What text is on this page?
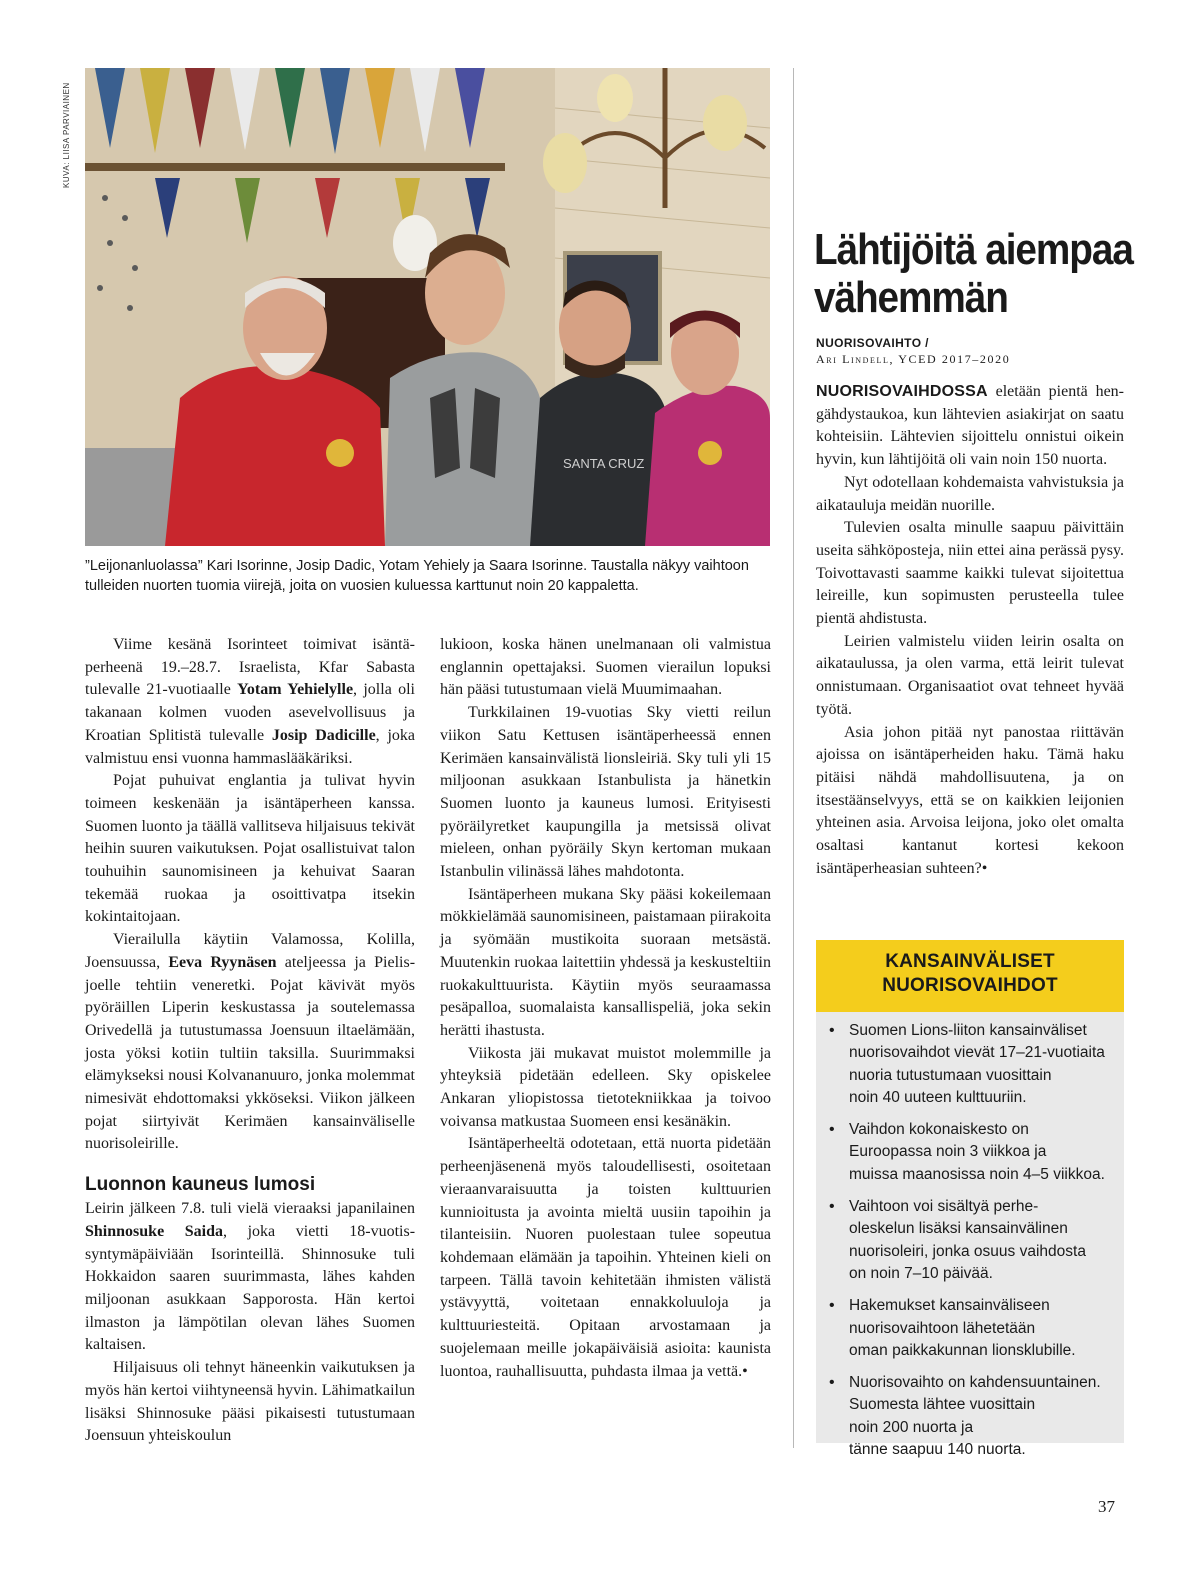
KUVA: LIISA PARVIAINEN
SANTA CRUZ
”Leijonanluolassa” Kari Isorinne, Josip Dadic, Yotam Yehiely ja Saara Isorinne. Taustalla näkyy vaihtoon tulleiden nuorten tuomia viirejä, joita on vuosien kuluessa karttunut noin 20 kappaletta.

Viime kesänä Isorinteet toimivat isäntäperheenä 19.–28.7. Israelista, Kfar Sabasta tulevalle 21-vuotiaalle Yotam Yehielylle, jolla oli takanaan kolmen vuoden asevelvollisuus ja Kroatian Splitistä tulevalle Josip Dadicille, joka valmistuu ensi vuonna hammaslääkäriksi.

Pojat puhuivat englantia ja tulivat hyvin toimeen keskenään ja isäntäperheen kanssa. Suomen luonto ja täällä vallitseva hiljaisuus tekivät heihin suuren vaikutuksen. Pojat osallistuivat talon touhuihin saunomisineen ja kehuivat Saaran tekemää ruokaa ja osoittivatpa itsekin kokintaitojaan.

Vierailulla käytiin Valamossa, Kolilla, Joensuussa, Eeva Ryynäsen ateljeessa ja Pielisjoelle tehtiin veneretki. Pojat kävivät myös pyöräillen Liperin keskustassa ja soutelemassa Orivedellä ja tutustumassa Joensuun iltaelämään, josta yöksi kotiin tultiin taksilla. Suurimmaksi elämykseksi nousi Kolvananuuro, jonka molemmat nimesivät ehdottomaksi ykköseksi. Viikon jälkeen pojat siirtyivät Kerimäen kansainväliselle nuorisoleirille.

Luonnon kauneus lumosi

Leirin jälkeen 7.8. tuli vielä vieraaksi japanilainen Shinnosuke Saida, joka vietti 18-vuotissyntymäpäiviään Isorinteillä. Shinnosuke tuli Hokkaidon saaren suurimmasta, lähes kahden miljoonan asukkaan Sapporosta. Hän kertoi ilmaston ja lämpötilan olevan lähes Suomen kaltaisen.

Hiljaisuus oli tehnyt häneenkin vaikutuksen ja myös hän kertoi viihtyneensä hyvin. Lähimatkailun lisäksi Shinnosuke pääsi pikaisesti tutustumaan Joensuun yhteiskoulun

lukioon, koska hänen unelmanaan oli valmistua englannin opettajaksi. Suomen vierailun lopuksi hän pääsi tutustumaan vielä Muumimaahan.

Turkkilainen 19-vuotias Sky vietti reilun viikon Satu Kettusen isäntäperheessä ennen Kerimäen kansainvälistä lionsleiriä. Sky tuli yli 15 miljoonan asukkaan Istanbulista ja hänetkin Suomen luonto ja kauneus lumosi. Erityisesti pyöräilyretket kaupungilla ja metsissä olivat mieleen, onhan pyöräily Skyn kertoman mukaan Istanbulin vilinässä lähes mahdotonta.

Isäntäperheen mukana Sky pääsi kokeilemaan mökkielämää saunomisineen, paistamaan piirakoita ja syömään mustikoita suoraan metsästä. Muutenkin ruokaa laitettiin yhdessä ja keskusteltiin ruokakulttuurista. Käytiin myös seuraamassa pesäpalloa, suomalaista kansallispeliä, joka sekin herätti ihastusta.

Viikosta jäi mukavat muistot molemmille ja yhteyksiä pidetään edelleen. Sky opiskelee Ankaran yliopistossa tietotekniikkaa ja toivoo voivansa matkustaa Suomeen ensi kesänäkin.

Isäntäperheeltä odotetaan, että nuorta pidetään perheenjäsenenä myös taloudellisesti, osoitetaan vieraanvaraisuutta ja toisten kulttuurien kunnioitusta ja avointa mieltä uusiin tapoihin ja tilanteisiin. Nuoren puolestaan tulee sopeutua kohdemaan elämään ja tapoihin. Yhteinen kieli on tarpeen. Tällä tavoin kehitetään ihmisten välistä ystävyyttä, voitetaan ennakkoluuloja ja kulttuuriesteitä. Opitaan arvostamaan ja suojelemaan meille jokapäiväisiä asioita: kaunista luontoa, rauhallisuutta, puhdasta ilmaa ja vettä.•

Lähtijöitä aiempaa
vähemmän
NUORISOVAIHTO /
Ari Lindell, YCED 2017–2020

NUORISOVAIHDOSSA eletään pientä hengähdystaukoa, kun lähtevien asiakirjat on saatu kohteisiin. Lähtevien sijoittelu onnistui oikein hyvin, kun lähtijöitä oli vain noin 150 nuorta.

Nyt odotellaan kohdemaista vahvistuksia ja aikatauluja meidän nuorille.

Tulevien osalta minulle saapuu päivittäin useita sähköposteja, niin ettei aina perässä pysy. Toivottavasti saamme kaikki tulevat sijoitettua leireille, kun sopimusten perusteella tulee pientä ahdistusta.

Leirien valmistelu viiden leirin osalta on aikataulussa, ja olen varma, että leirit tulevat onnistumaan. Organisaatiot ovat tehneet hyvää työtä.

Asia johon pitää nyt panostaa riittävän ajoissa on isäntäperheiden haku. Tämä haku pitäisi nähdä mahdollisuutena, ja on itsestäänselvyys, että se on kaikkien leijonien yhteinen asia. Arvoisa leijona, joko olet omalta osaltasi kantanut kortesi kekoon isäntäperheasian suhteen?•

KANSAINVÄLISET
NUORISOVAIHDOT
• Suomen Lions-liiton kansainväliset
nuorisovaihdot vievät 17–21-vuotiaita
nuoria tutustumaan vuosittain
noin 40 uuteen kulttuuriin.
• Vaihdon kokonaiskesto on
Euroopassa noin 3 viikkoa ja
muissa maanosissa noin 4–5 viikkoa.
• Vaihtoon voi sisältyä perhe-
oleskelun lisäksi kansainvälinen
nuorisoleiri, jonka osuus vaihdosta
on noin 7–10 päivää.
• Hakemukset kansainväliseen
nuorisovaihtoon lähetetään
oman paikkakunnan lionsklubille.
• Nuorisovaihto on kahdensuuntainen.
Suomesta lähtee vuosittain
noin 200 nuorta ja
tänne saapuu 140 nuorta.
37
